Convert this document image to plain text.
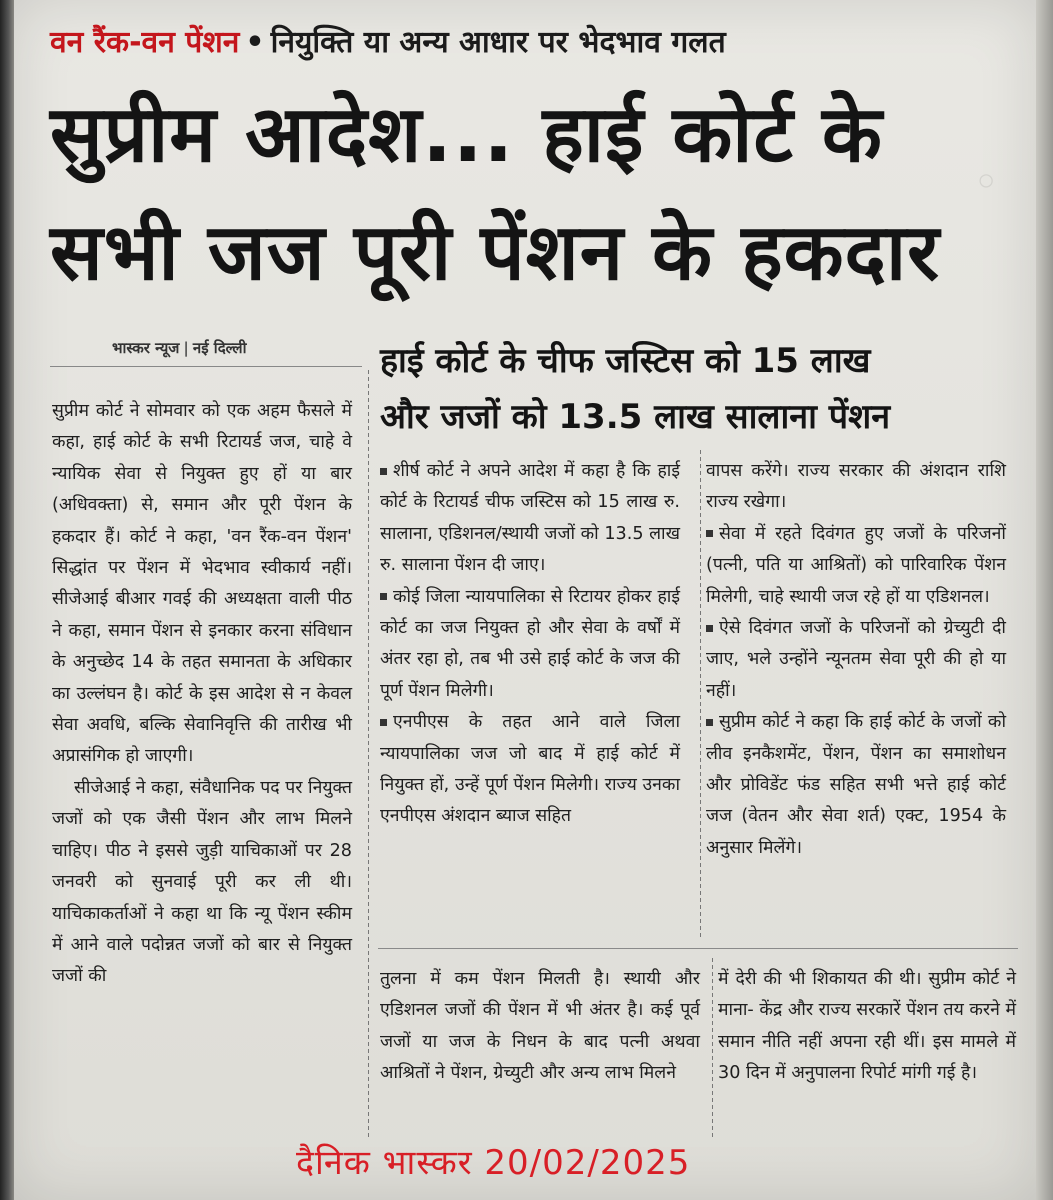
◦
वन रैंक-वन पेंशन • नियुक्ति या अन्य आधार पर भेदभाव गलत
सुप्रीम आदेश... हाई कोर्ट के
सभी जज पूरी पेंशन के हकदार
भास्कर न्यूज | नई दिल्ली	हाई कोर्ट के चीफ जस्टिस को 15 लाख
और जजों को 13.5 लाख सालाना पेंशन

सुप्रीम कोर्ट ने सोमवार को एक अहम फैसले में कहा, हाई कोर्ट के सभी रिटायर्ड जज, चाहे वे न्यायिक सेवा से नियुक्त हुए हों या बार (अधिवक्ता) से, समान और पूरी पेंशन के हकदार हैं। कोर्ट ने कहा, 'वन रैंक-वन पेंशन' सिद्धांत पर पेंशन में भेदभाव स्वीकार्य नहीं। सीजेआई बीआर गवई की अध्यक्षता वाली पीठ ने कहा, समान पेंशन से इनकार करना संविधान के अनुच्छेद 14 के तहत समानता के अधिकार का उल्लंघन है। कोर्ट के इस आदेश से न केवल सेवा अवधि, बल्कि सेवानिवृत्ति की तारीख भी अप्रासंगिक हो जाएगी।

सीजेआई ने कहा, संवैधानिक पद पर नियुक्त जजों को एक जैसी पेंशन और लाभ मिलने चाहिए। पीठ ने इससे जुड़ी याचिकाओं पर 28 जनवरी को सुनवाई पूरी कर ली थी। याचिकाकर्ताओं ने कहा था कि न्यू पेंशन स्कीम में आने वाले पदोन्नत जजों को बार से नियुक्त जजों की

शीर्ष कोर्ट ने अपने आदेश में कहा है कि हाई कोर्ट के रिटायर्ड चीफ जस्टिस को 15 लाख रु. सालाना, एडिशनल/स्थायी जजों को 13.5 लाख रु. सालाना पेंशन दी जाए।

कोई जिला न्यायपालिका से रिटायर होकर हाई कोर्ट का जज नियुक्त हो और सेवा के वर्षों में अंतर रहा हो, तब भी उसे हाई कोर्ट के जज की पूर्ण पेंशन मिलेगी।

एनपीएस के तहत आने वाले जिला न्यायपालिका जज जो बाद में हाई कोर्ट में नियुक्त हों, उन्हें पूर्ण पेंशन मिलेगी। राज्य उनका एनपीएस अंशदान ब्याज सहित

वापस करेंगे। राज्य सरकार की अंशदान राशि राज्य रखेगा।

सेवा में रहते दिवंगत हुए जजों के परिजनों (पत्नी, पति या आश्रितों) को पारिवारिक पेंशन मिलेगी, चाहे स्थायी जज रहे हों या एडिशनल।

ऐसे दिवंगत जजों के परिजनों को ग्रेच्युटी दी जाए, भले उन्होंने न्यूनतम सेवा पूरी की हो या नहीं।

सुप्रीम कोर्ट ने कहा कि हाई कोर्ट के जजों को लीव इनकैशमेंट, पेंशन, पेंशन का समाशोधन और प्रोविडेंट फंड सहित सभी भत्ते हाई कोर्ट जज (वेतन और सेवा शर्त) एक्ट, 1954 के अनुसार मिलेंगे।

तुलना में कम पेंशन मिलती है। स्थायी और एडिशनल जजों की पेंशन में भी अंतर है। कई पूर्व जजों या जज के निधन के बाद पत्नी अथवा आश्रितों ने पेंशन, ग्रेच्युटी और अन्य लाभ मिलने
में देरी की भी शिकायत की थी। सुप्रीम कोर्ट ने माना- केंद्र और राज्य सरकारें पेंशन तय करने में समान नीति नहीं अपना रही थीं। इस मामले में 30 दिन में अनुपालना रिपोर्ट मांगी गई है।
दैनिक भास्कर 20/02/2025
